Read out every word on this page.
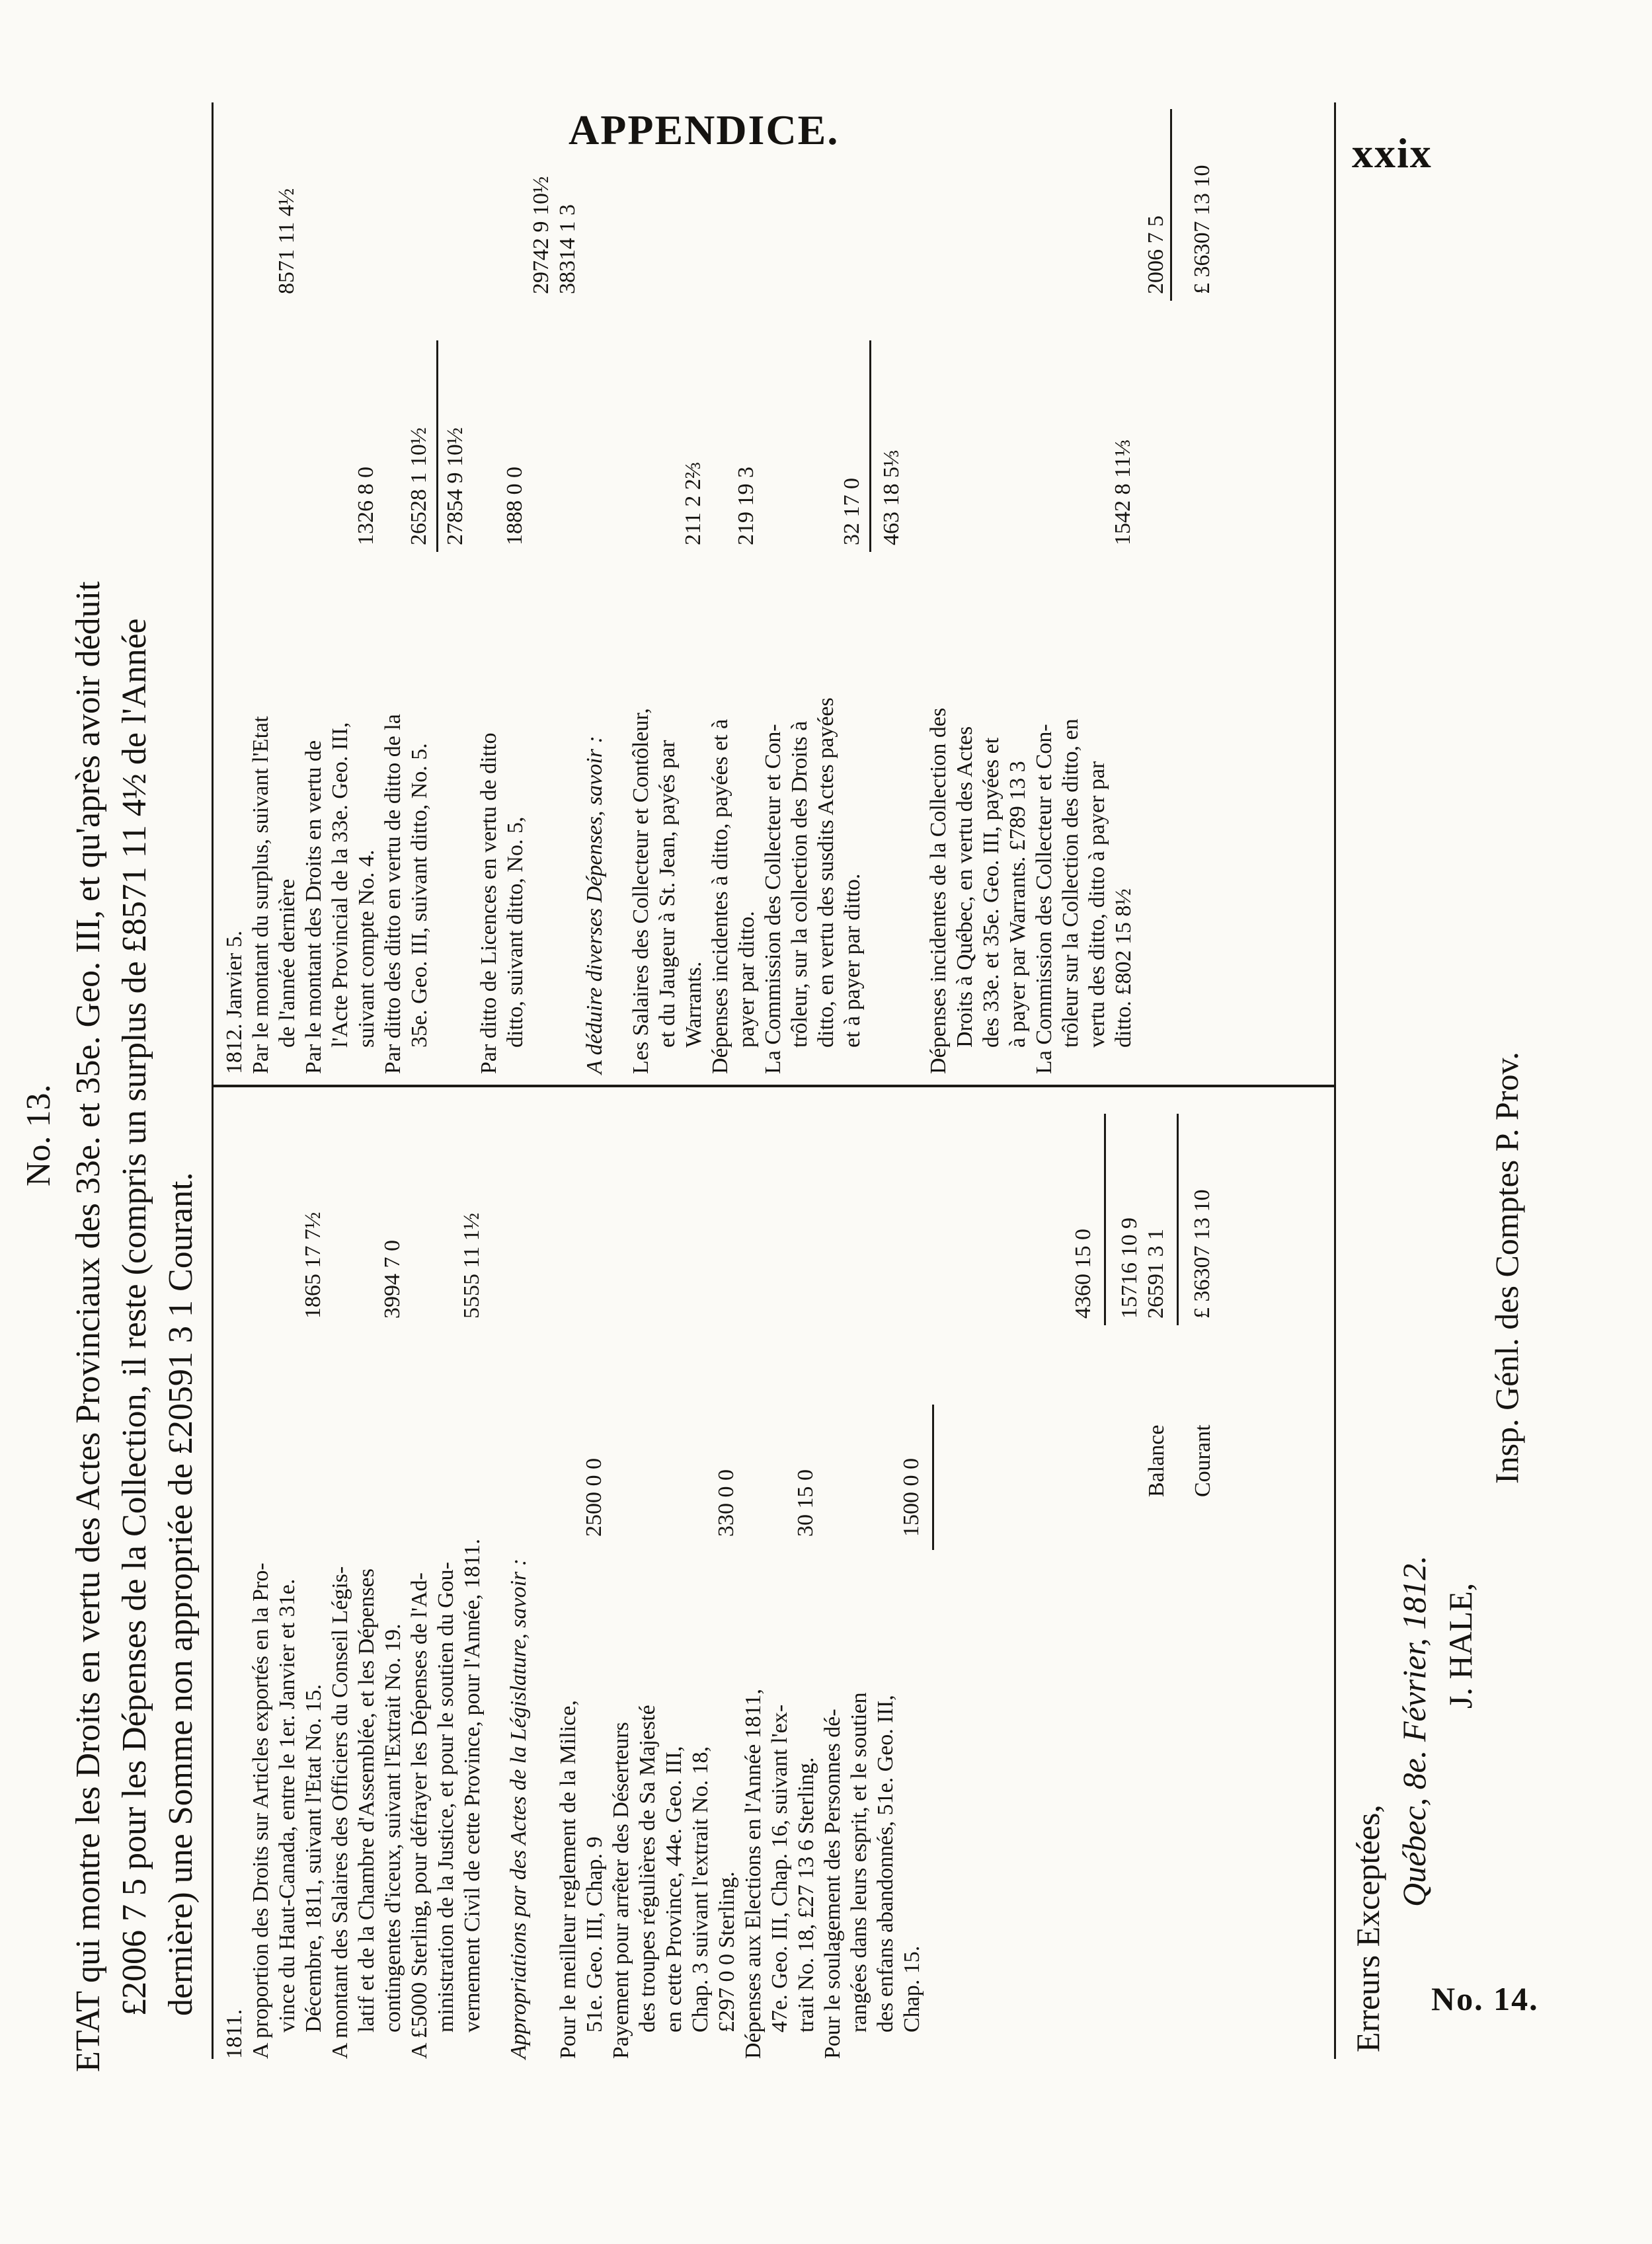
APPENDICE.	xxix
No. 14.
No. 13. ETAT qui montre les Droits en vertu des Actes Provinciaux des 33e. et 35e. Geo. III, et qu'après avoir déduit £2006 7 5 pour les Dépenses de la Collection, il reste (compris un surplus de £8571 11 4½ de l'Année dernière) une Somme non appropriée de £20591 3 1 Courant.
1811. A proportion des Droits sur Articles exportés en la Pro- vince du Haut-Canada, entre le 1er. Janvier et 31e. Décembre, 1811, suivant l'Etat No. 15.
1865 17 7½
A montant des Salaires des Officiers du Conseil Légis- latif et de la Chambre d'Assemblée, et les Dépenses contingentes d'iceux, suivant l'Extrait No. 19.
3994 7 0
A £5000 Sterling, pour défrayer les Dépenses de l'Ad- ministration de la Justice, et pour le soutien du Gou- vernement Civil de cette Province, pour l'Année, 1811.
5555 11 1½
Appropriations par des Actes de la Législature, savoir : Pour le meilleur reglement de la Milice, 51e. Geo. III, Chap. 9
2500 0 0
Payement pour arrêter des Déserteurs des troupes régulières de Sa Majesté en cette Province, 44e. Geo. III, Chap. 3 suivant l'extrait No. 18, £297 0 0 Sterling.
330 0 0
Dépenses aux Elections en l'Année 1811, 47e. Geo. III, Chap. 16, suivant l'ex- trait No. 18, £27 13 6 Sterling.
30 15 0
Pour le soulagement des Personnes dé- rangées dans leurs esprit, et le soutien des enfans abandonnés, 51e. Geo. III, Chap. 15.
1500 0 0
4360 15 0 15716 10 9
Balance
26591 3 1
Courant
£ 36307 13 10
1812. Janvier 5. Par le montant du surplus, suivant l'Etat de l'année dernière
8571 11 4½
Par le montant des Droits en vertu de l'Acte Provincial de la 33e. Geo. III, suivant compte No. 4.
1326 8 0
Par ditto des ditto en vertu de ditto de la 35e. Geo. III, suivant ditto, No. 5.
26528 1 10½ 27854 9 10½
Par ditto de Licences en vertu de ditto ditto, suivant ditto, No. 5,
1888 0 0
29742 9 10½ 38314 1 3
A déduire diverses Dépenses, savoir : Les Salaires des Collecteur et Contôleur, et du Jaugeur à St. Jean, payés par Warrants.
211 2 2⅔
Dépenses incidentes à ditto, payées et à payer par ditto.
219 19 3
La Commission des Collecteur et Con- trôleur, sur la collection des Droits à ditto, en vertu des susdits Actes payées et à payer par ditto.
32 17 0 463 18 5⅓
Dépenses incidentes de la Collection des Droits à Québec, en vertu des Actes des 33e. et 35e. Geo. III, payées et à payer par Warrants. £789 13 3 La Commission des Collecteur et Con- trôleur sur la Collection des ditto, en vertu des ditto, ditto à payer par ditto. £802 15 8½
1542 8 11⅓
2006 7 5 £ 36307 13 10
Erreurs Exceptées,
Québec, 8e. Février, 1812. J. HALE,
Insp. Génl. des Comptes P. Prov.
